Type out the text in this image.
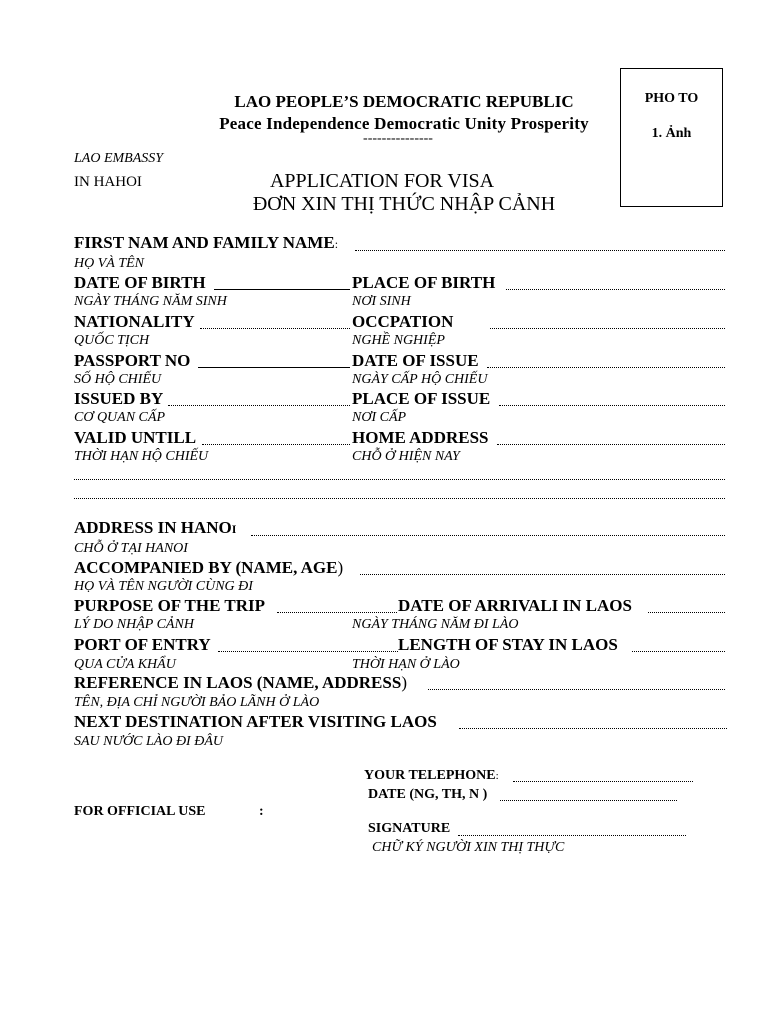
PHO TO
1. Ảnh
LAO PEOPLE’S DEMOCRATIC REPUBLIC
Peace Independence Democratic Unity Prosperity
---------------
LAO EMBASSY
IN HAHOI	APPLICATION FOR VISA
ĐƠN XIN THỊ THỨC NHẬP CẢNH
FIRST NAM AND FAMILY NAME:
HỌ VÀ TÊN
DATE OF BIRTH	PLACE OF BIRTH
NGÀY THÁNG NĂM SINH	NƠI SINH
NATIONALITY	OCCPATION
QUỐC TỊCH	NGHỀ NGHIỆP
PASSPORT NO	DATE OF ISSUE
SỐ HỘ CHIẾU	NGÀY CẤP HỘ CHIẾU
ISSUED BY	PLACE OF ISSUE
CƠ QUAN CẤP	NƠI CẤP
VALID UNTILL	HOME ADDRESS
THỜI HẠN HỘ CHIẾU	CHỖ Ở HIỆN NAY
ADDRESS IN HANOI
CHỖ Ở TẠI HANOI
ACCOMPANIED BY (NAME, AGE)
HỌ VÀ TÊN NGƯỜI CÙNG ĐI
PURPOSE OF THE TRIP	DATE OF ARRIVALI IN LAOS
LÝ DO NHẬP CẢNH	NGÀY THÁNG NĂM ĐI LÀO
PORT OF ENTRY	LENGTH OF STAY IN LAOS
QUA CỬA KHẨU	THỜI HẠN Ở LÀO
REFERENCE IN LAOS (NAME, ADDRESS)
TÊN, ĐỊA CHỈ NGƯỜI BẢO LÃNH Ở LÀO
NEXT DESTINATION AFTER VISITING LAOS
SAU NƯỚC LÀO ĐI ĐÂU
YOUR TELEPHONE:
DATE (NG, TH, N )
FOR OFFICIAL USE	:
SIGNATURE
CHỮ KÝ NGƯỜI XIN THỊ THỰC
